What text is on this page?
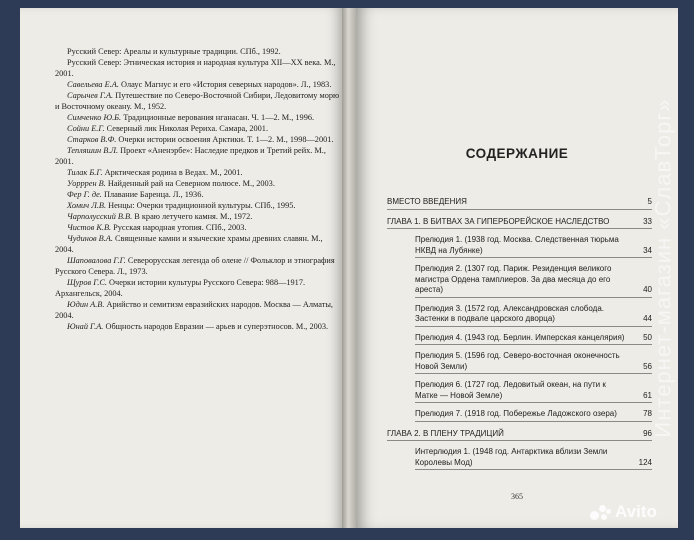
Русский Север: Ареалы и культурные традиции. СПб., 1992.

Русский Север: Этническая история и народная культура XII—XX века. М., 2001.

Савельева Е.А. Олаус Магнус и его «История северных народов». Л., 1983.

Сарычев Г.А. Путешествие по Северо-Восточной Сибири, Ледовитому морю и Восточному океану. М., 1952.

Симченко Ю.Б. Традиционные верования нганасан. Ч. 1—2. М., 1996.

Сойни Е.Г. Северный лик Николая Рериха. Самара, 2001.

Старков В.Ф. Очерки истории освоения Арктики. Т. 1—2. М., 1998—2001.

Тепляшин В.Л. Проект «Аненэрбе»: Наследие предков и Третий рейх. М., 2001.

Тилак Б.Г. Арктическая родина в Ведах. М., 2001.

Уорррен В. Найденный рай на Северном полюсе. М., 2003.

Фер Г. де. Плавание Баренца. Л., 1936.

Хомич Л.В. Ненцы: Очерки традиционной культуры. СПб., 1995.

Чарполусский В.В. В краю летучего камня. М., 1972.

Чистов К.В. Русская народная утопия. СПб., 2003.

Чудинов В.А. Священные камни и языческие храмы древних славян. М., 2004.

Шаповалова Г.Г. Северорусская легенда об олене // Фольклор и этнография Русского Севера. Л., 1973.

Щуров Г.С. Очерки истории культуры Русского Севера: 988—1917. Архангельск, 2004.

Юдин А.В. Арийство и семитизм евразийских народов. Москва — Алматы, 2004.

Юнай Г.А. Общность народов Евразии — арьев и суперэтносов. М., 2003.

СОДЕРЖАНИЕ
ВМЕСТО ВВЕДЕНИЯ	5
ГЛАВА 1. В БИТВАХ ЗА ГИПЕРБОРЕЙСКОЕ НАСЛЕДСТВО	33
Прелюдия 1. (1938 год. Москва. Следственная тюрьма НКВД на Лубянке)	34
Прелюдия 2. (1307 год. Париж. Резиденция великого магистра Ордена тамплиеров. За два месяца до его ареста)	40
Прелюдия 3. (1572 год. Александровская слобода. Застенки в подвале царского дворца)	44
Прелюдия 4. (1943 год. Берлин. Имперская канцелярия) 50
Прелюдия 5. (1596 год. Северо-восточная оконечность Новой Земли)	56
Прелюдия 6. (1727 год. Ледовитый океан, на пути к Матке — Новой Земле)	61
Прелюдия 7. (1918 год. Побережье Ладожского озера)	78
ГЛАВА 2. В ПЛЕНУ ТРАДИЦИЙ	96
Интерлюдия 1. (1948 год. Антарктика вблизи Земли Королевы Мод)	124
365
Интернет-магазин «СлавТорг»
Avito
